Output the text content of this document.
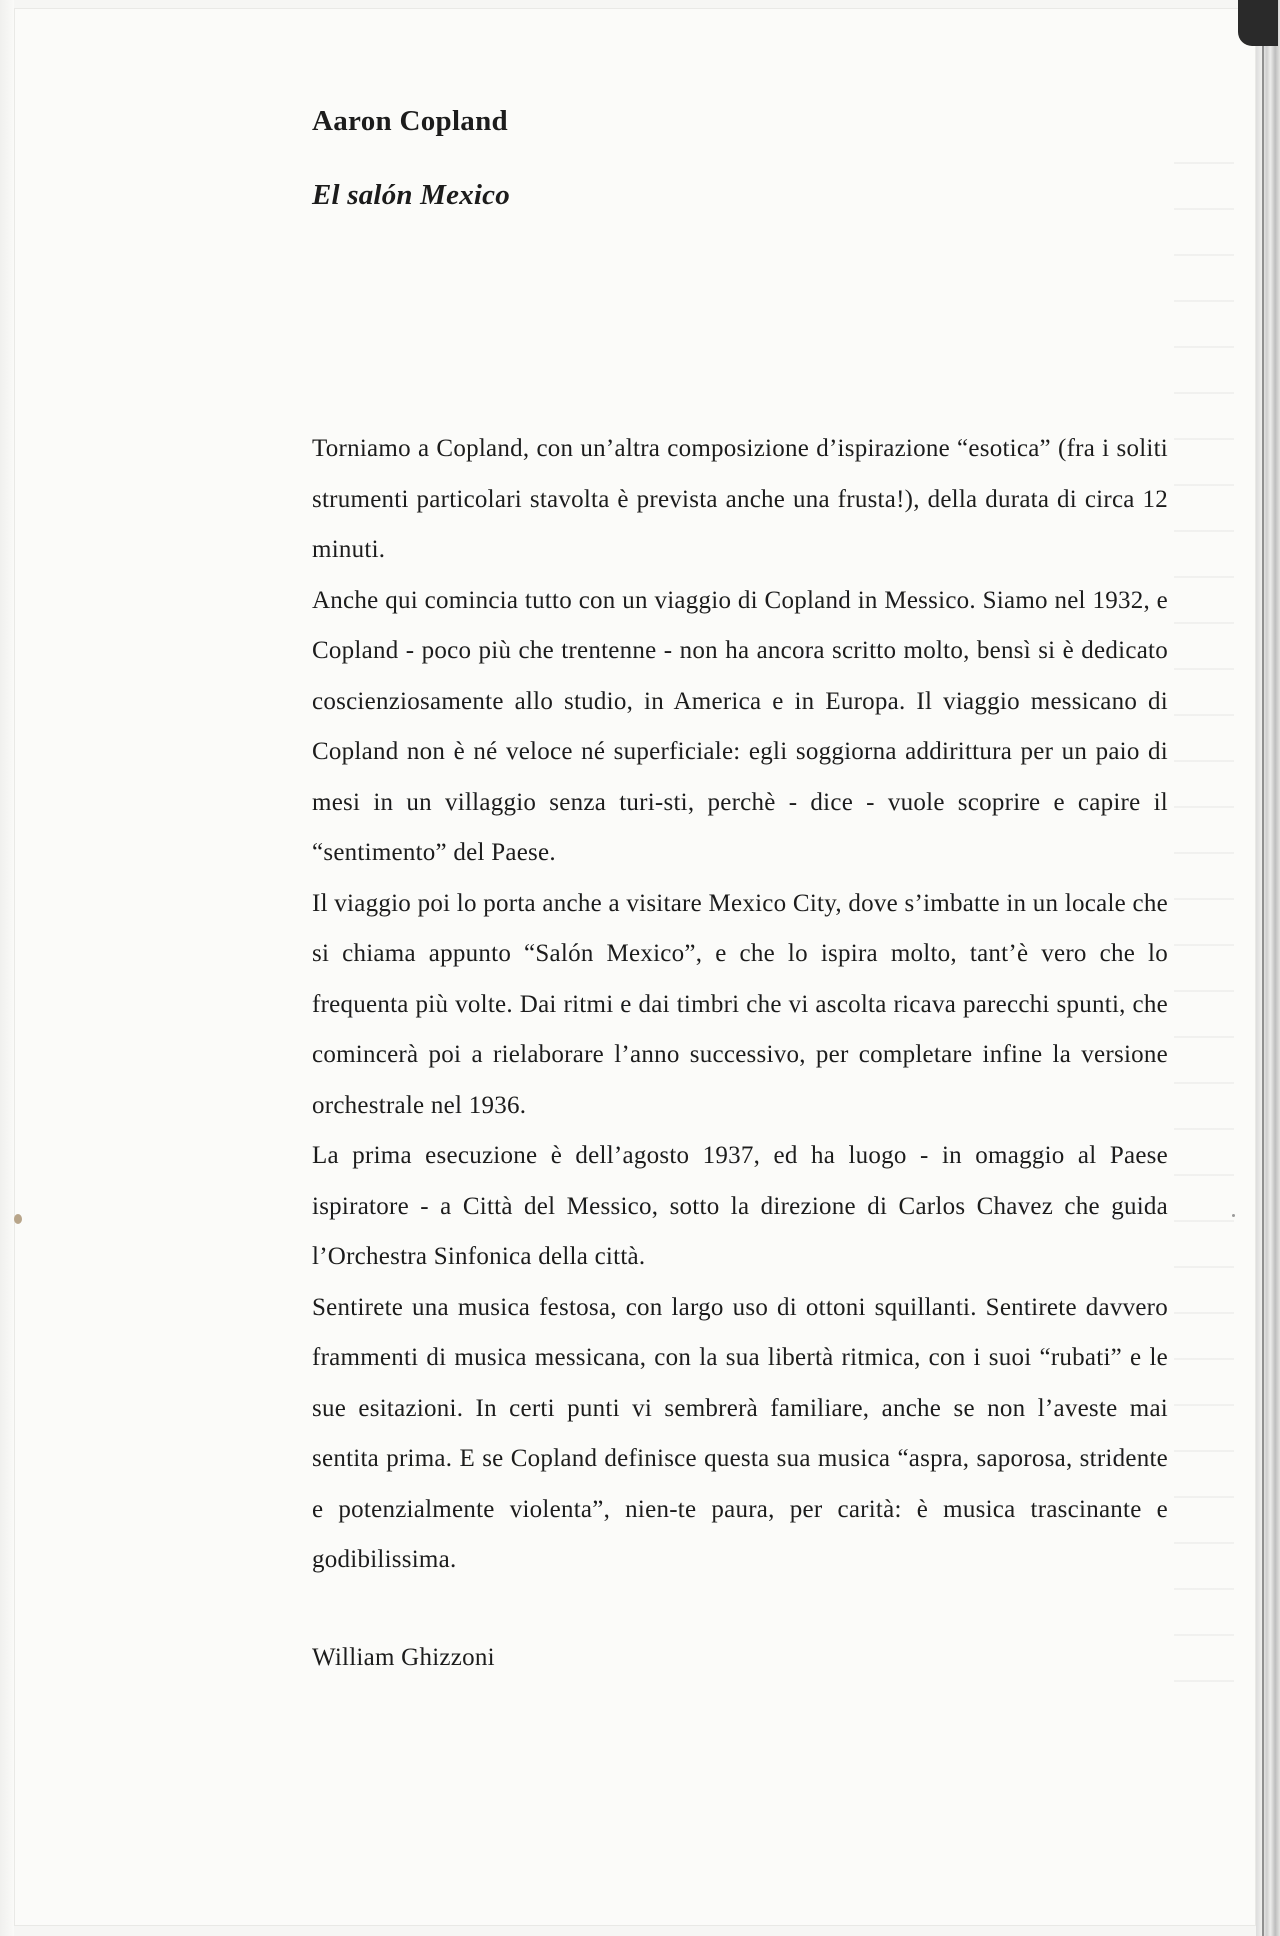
Aaron Copland
El salón Mexico

Torniamo a Copland, con un’altra composizione d’ispirazione “esotica” (fra i soliti strumenti particolari stavolta è prevista anche una frusta!), della durata di circa 12 minuti.

Anche qui comincia tutto con un viaggio di Copland in Messico. Siamo nel 1932, e Copland - poco più che trentenne - non ha ancora scritto molto, bensì si è dedicato coscienziosamente allo studio, in America e in Europa. Il viaggio messicano di Copland non è né veloce né superficiale: egli soggiorna addirittura per un paio di mesi in un villaggio senza turi-sti, perchè - dice - vuole scoprire e capire il “sentimento” del Paese.

Il viaggio poi lo porta anche a visitare Mexico City, dove s’imbatte in un locale che si chiama appunto “Salón Mexico”, e che lo ispira molto, tant’è vero che lo frequenta più volte. Dai ritmi e dai timbri che vi ascolta ricava parecchi spunti, che comincerà poi a rielaborare l’anno successivo, per completare infine la versione orchestrale nel 1936.

La prima esecuzione è dell’agosto 1937, ed ha luogo - in omaggio al Paese ispiratore - a Città del Messico, sotto la direzione di Carlos Chavez che guida l’Orchestra Sinfonica della città.

Sentirete una musica festosa, con largo uso di ottoni squillanti. Sentirete davvero frammenti di musica messicana, con la sua libertà ritmica, con i suoi “rubati” e le sue esitazioni. In certi punti vi sembrerà familiare, anche se non l’aveste mai sentita prima. E se Copland definisce questa sua musica “aspra, saporosa, stridente e potenzialmente violenta”, nien-te paura, per carità: è musica trascinante e godibilissima.

William Ghizzoni
